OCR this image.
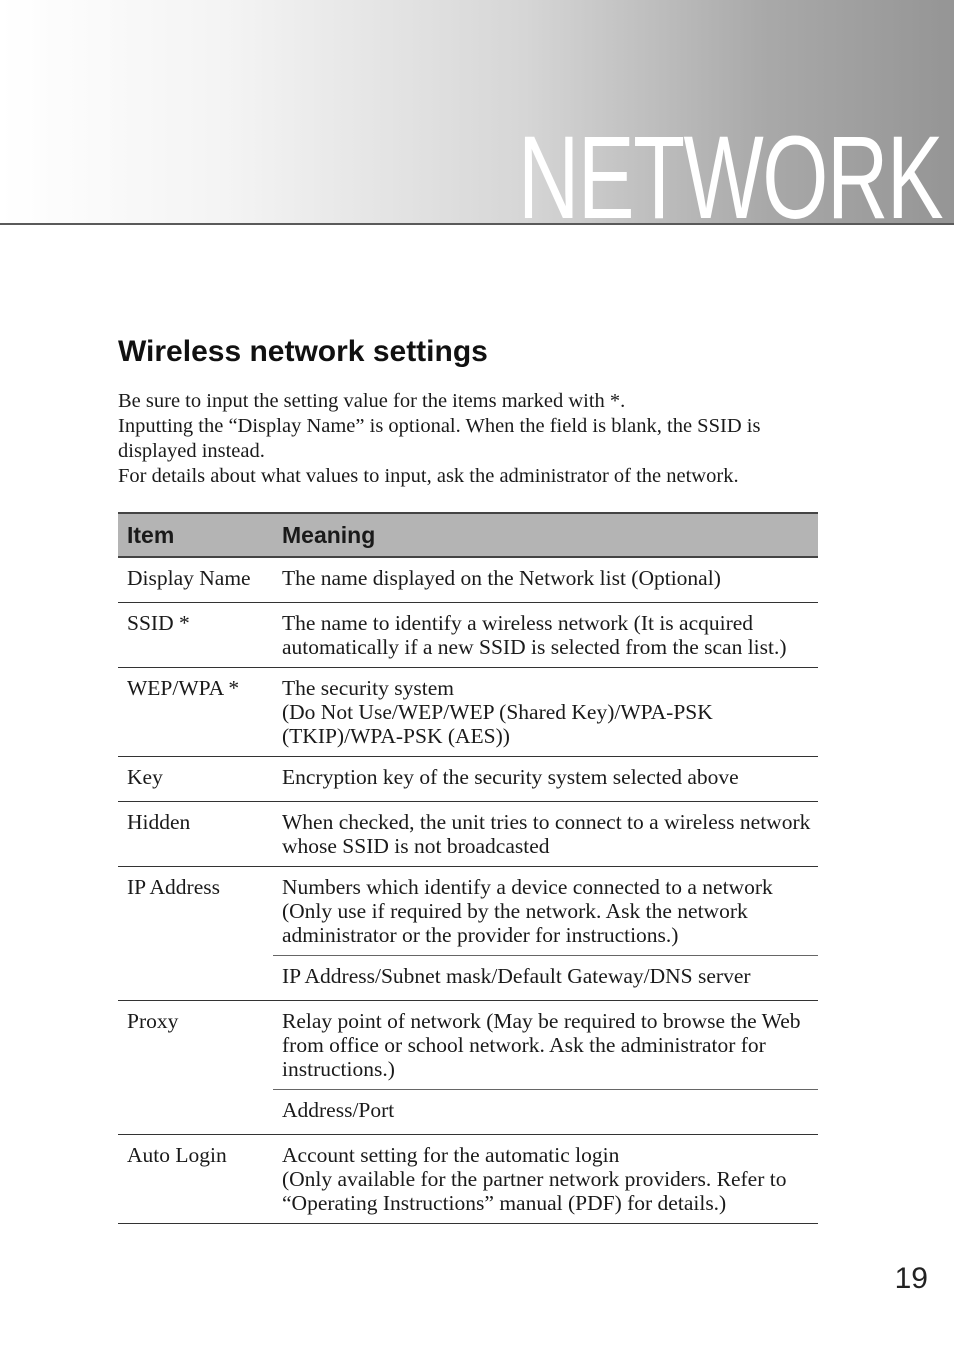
NETWORK
Wireless network settings

Be sure to input the setting value for the items marked with *.

Inputting the “Display Name” is optional. When the field is blank, the SSID is displayed instead.

For details about what values to input, ask the administrator of the network.

Item	Meaning
Display Name	The name displayed on the Network list (Optional)
SSID *	The name to identify a wireless network (It is acquired automatically if a new SSID is selected from the scan list.)
WEP/WPA *	The security system
(Do Not Use/WEP/WEP (Shared Key)/WPA-PSK (TKIP)/WPA-PSK (AES))

Key	Encryption key of the security system selected above
Hidden	When checked, the unit tries to connect to a wireless network whose SSID is not broadcasted
IP Address	Numbers which identify a device connected to a network (Only use if required by the network. Ask the network administrator or the provider for instructions.)
	IP Address/Subnet mask/Default Gateway/DNS server
Proxy	Relay point of network (May be required to browse the Web from office or school network. Ask the administrator for instructions.)
	Address/Port
Auto Login	Account setting for the automatic login
(Only available for the partner network providers. Refer to “Operating Instructions” manual (PDF) for details.)
19
